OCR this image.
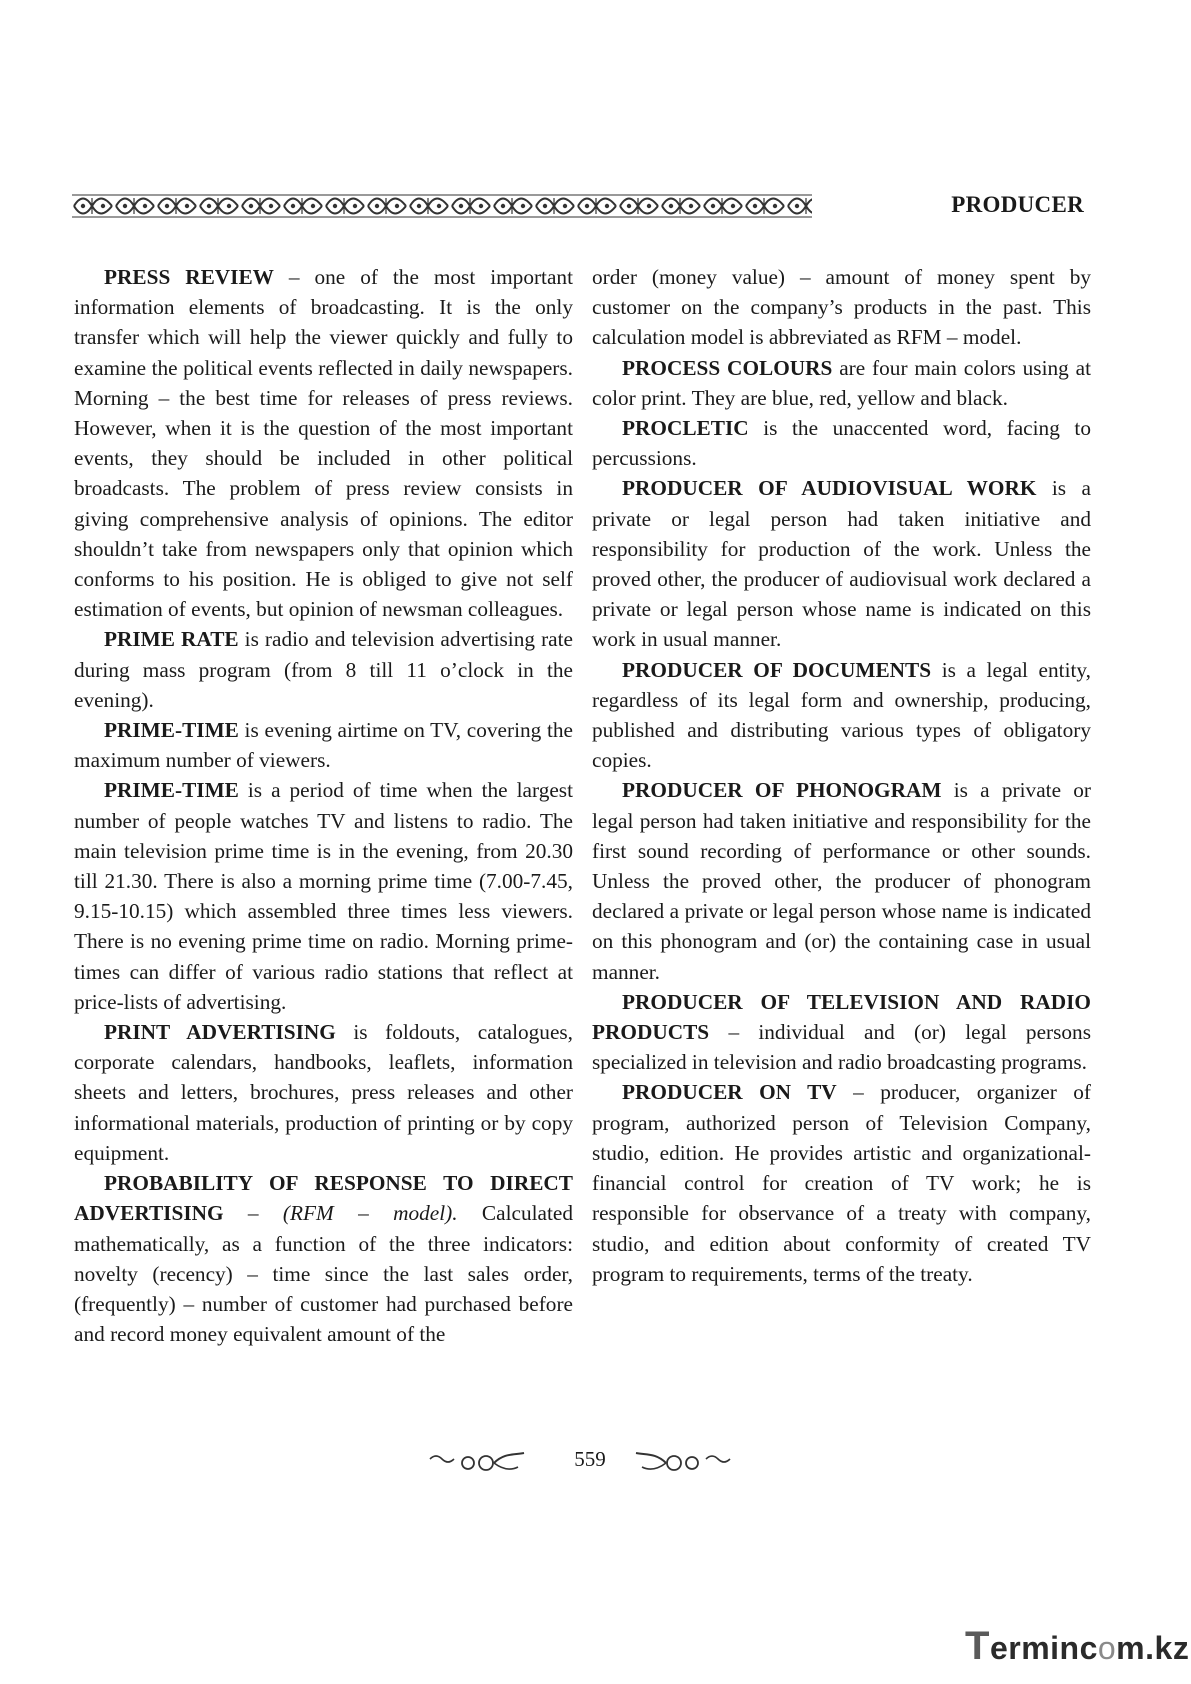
PRODUCER

PRESS REVIEW – one of the most important information elements of broadcasting. It is the only transfer which will help the viewer quickly and fully to examine the political events reflected in daily newspapers. Morning – the best time for releases of press reviews. However, when it is the question of the most important events, they should be included in other political broadcasts. The problem of press review consists in giving comprehensive analysis of opinions. The editor shouldn’t take from newspapers only that opinion which conforms to his position. He is obliged to give not self estimation of events, but opinion of newsman colleagues.

PRIME RATE is radio and television advertising rate during mass program (from 8 till 11 o’clock in the evening).

PRIME-TIME is evening airtime on TV, covering the maximum number of viewers.

PRIME-TIME is a period of time when the largest number of people watches TV and listens to radio. The main television prime time is in the evening, from 20.30 till 21.30. There is also a morning prime time (7.00-7.45, 9.15-10.15) which assembled three times less viewers. There is no evening prime time on radio. Morning prime-times can differ of various radio stations that reflect at price-lists of advertising.

PRINT ADVERTISING is foldouts, catalogues, corporate calendars, handbooks, leaflets, information sheets and letters, brochures, press releases and other informational materials, production of printing or by copy equipment.

PROBABILITY OF RESPONSE TO DIRECT ADVERTISING – (RFM – model). Calculated mathematically, as a function of the three indicators: novelty (recency) – time since the last sales order, (frequently) – number of customer had purchased before and record money equivalent amount of the

order (money value) – amount of money spent by customer on the company’s products in the past. This calculation model is abbreviated as RFM – model.

PROCESS COLOURS are four main colors using at color print. They are blue, red, yellow and black.

PROCLETIC is the unaccented word, facing to percussions.

PRODUCER OF AUDIOVISUAL WORK is a private or legal person had taken initiative and responsibility for production of the work. Unless the proved other, the producer of audiovisual work declared a private or legal person whose name is indicated on this work in usual manner.

PRODUCER OF DOCUMENTS is a legal entity, regardless of its legal form and ownership, producing, published and distributing various types of obligatory copies.

PRODUCER OF PHONOGRAM is a private or legal person had taken initiative and responsibility for the first sound recording of performance or other sounds. Unless the proved other, the producer of phonogram declared a private or legal person whose name is indicated on this phonogram and (or) the containing case in usual manner.

PRODUCER OF TELEVISION AND RADIO PRODUCTS – individual and (or) legal persons specialized in television and radio broadcasting programs.

PRODUCER ON TV – producer, organizer of program, authorized person of Television Company, studio, edition. He provides artistic and organizational-financial control for creation of TV work; he is responsible for observance of a treaty with company, studio, and edition about conformity of created TV program to requirements, terms of the treaty.

559
Termincom.kz
